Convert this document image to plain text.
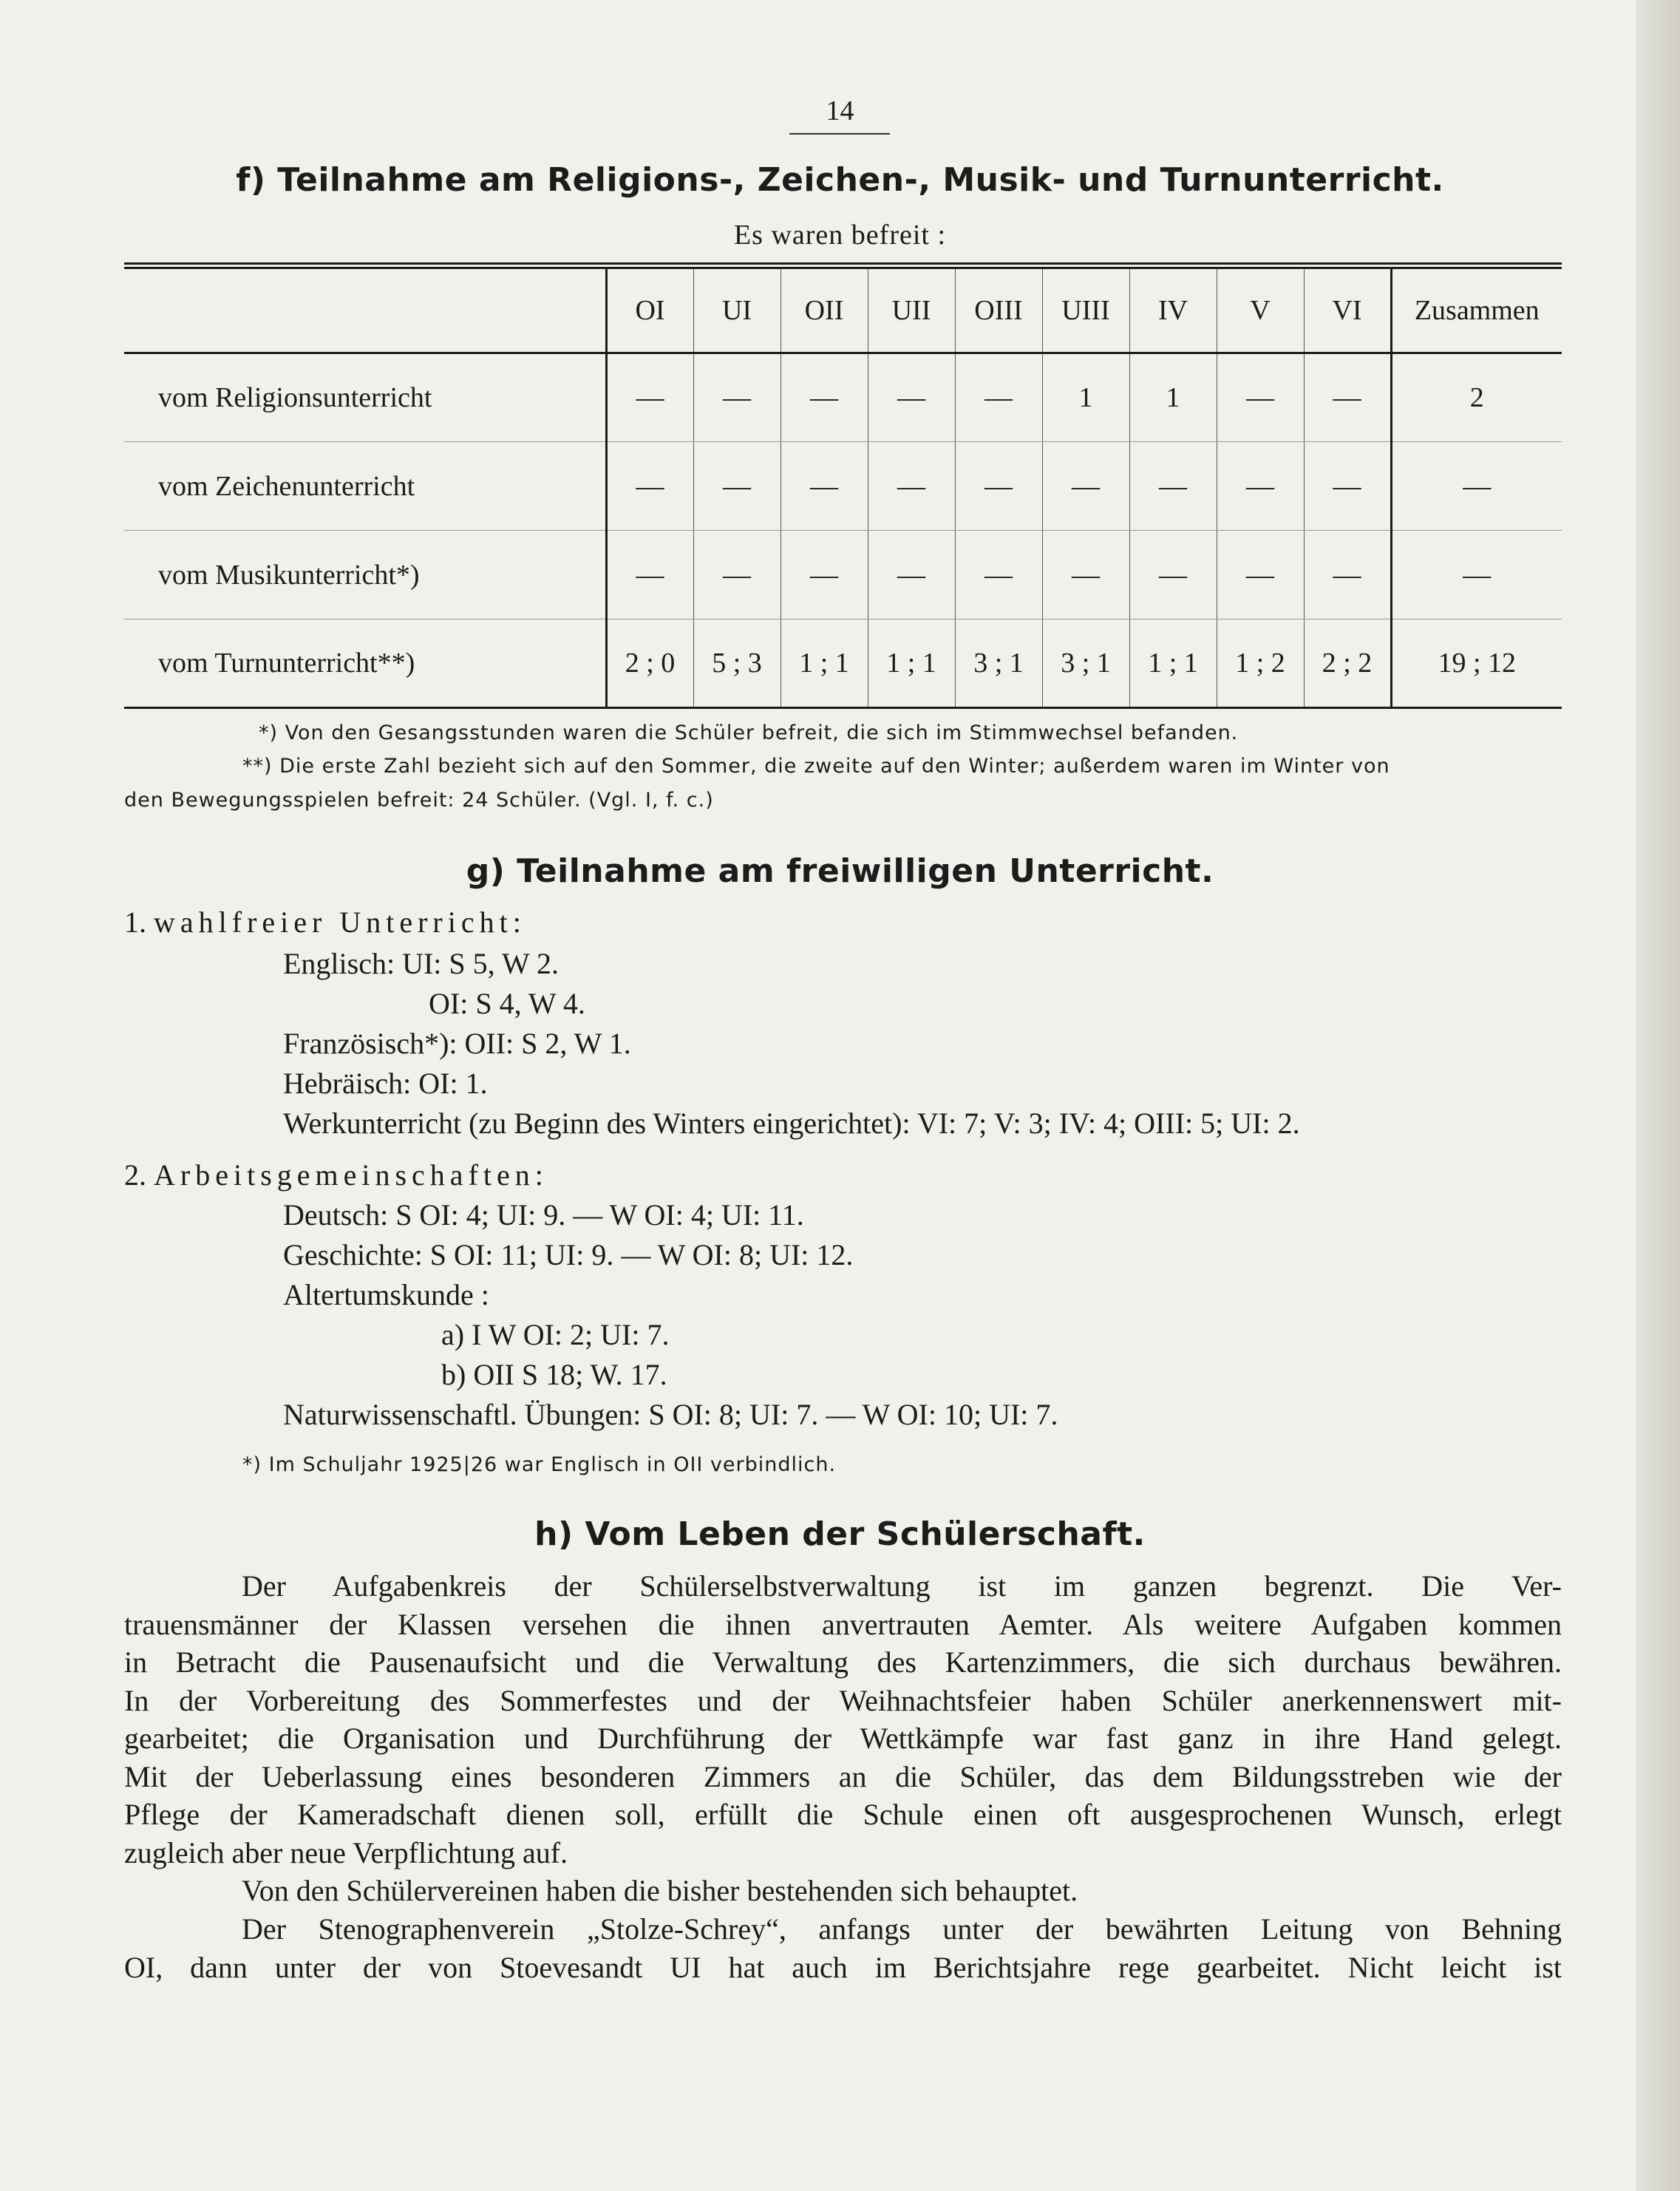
14
f) Teilnahme am Religions-, Zeichen-, Musik- und Turnunterricht.
Es waren befreit :
	OI	UI	OII	UII	OIII	UIII	IV	V	VI	Zusammen
vom Religionsunterricht	—	—	—	—	—	1	1	—	—	2
vom Zeichenunterricht	—	—	—	—	—	—	—	—	—	—
vom Musikunterricht*)	—	—	—	—	—	—	—	—	—	—
vom Turnunterricht**)	2 ; 0	5 ; 3	1 ; 1	1 ; 1	3 ; 1	3 ; 1	1 ; 1	1 ; 2	2 ; 2	19 ; 12
*) Von den Gesangsstunden waren die Schüler befreit, die sich im Stimmwechsel befanden.
**) Die erste Zahl bezieht sich auf den Sommer, die zweite auf den Winter; außerdem waren im Winter von
den Bewegungsspielen befreit: 24 Schüler. (Vgl. I, f. c.)
g) Teilnahme am freiwilligen Unterricht.
1. wahlfreier Unterricht:
Englisch: UI: S 5, W 2.
OI: S 4, W 4.
Französisch*): OII: S 2, W 1.
Hebräisch: OI: 1.
Werkunterricht (zu Beginn des Winters eingerichtet): VI: 7; V: 3; IV: 4; OIII: 5; UI: 2.
2. Arbeitsgemeinschaften:
Deutsch: S OI: 4; UI: 9. — W OI: 4; UI: 11.
Geschichte: S OI: 11; UI: 9. — W OI: 8; UI: 12.
Altertumskunde :
a) I W OI: 2; UI: 7.
b) OII S 18; W. 17.
Naturwissenschaftl. Übungen: S OI: 8; UI: 7. — W OI: 10; UI: 7.
*) Im Schuljahr 1925|26 war Englisch in OII verbindlich.
h) Vom Leben der Schülerschaft.
Der Aufgabenkreis der Schülerselbstverwaltung ist im ganzen begrenzt. Die Ver-
trauensmänner der Klassen versehen die ihnen anvertrauten Aemter. Als weitere Aufgaben kommen
in Betracht die Pausenaufsicht und die Verwaltung des Kartenzimmers, die sich durchaus bewähren.
In der Vorbereitung des Sommerfestes und der Weihnachtsfeier haben Schüler anerkennenswert mit-
gearbeitet; die Organisation und Durchführung der Wettkämpfe war fast ganz in ihre Hand gelegt.
Mit der Ueberlassung eines besonderen Zimmers an die Schüler, das dem Bildungsstreben wie der
Pflege der Kameradschaft dienen soll, erfüllt die Schule einen oft ausgesprochenen Wunsch, erlegt
zugleich aber neue Verpflichtung auf.
Von den Schülervereinen haben die bisher bestehenden sich behauptet.
Der Stenographenverein „Stolze-Schrey“, anfangs unter der bewährten Leitung von Behning
OI, dann unter der von Stoevesandt UI hat auch im Berichtsjahre rege gearbeitet. Nicht leicht ist
